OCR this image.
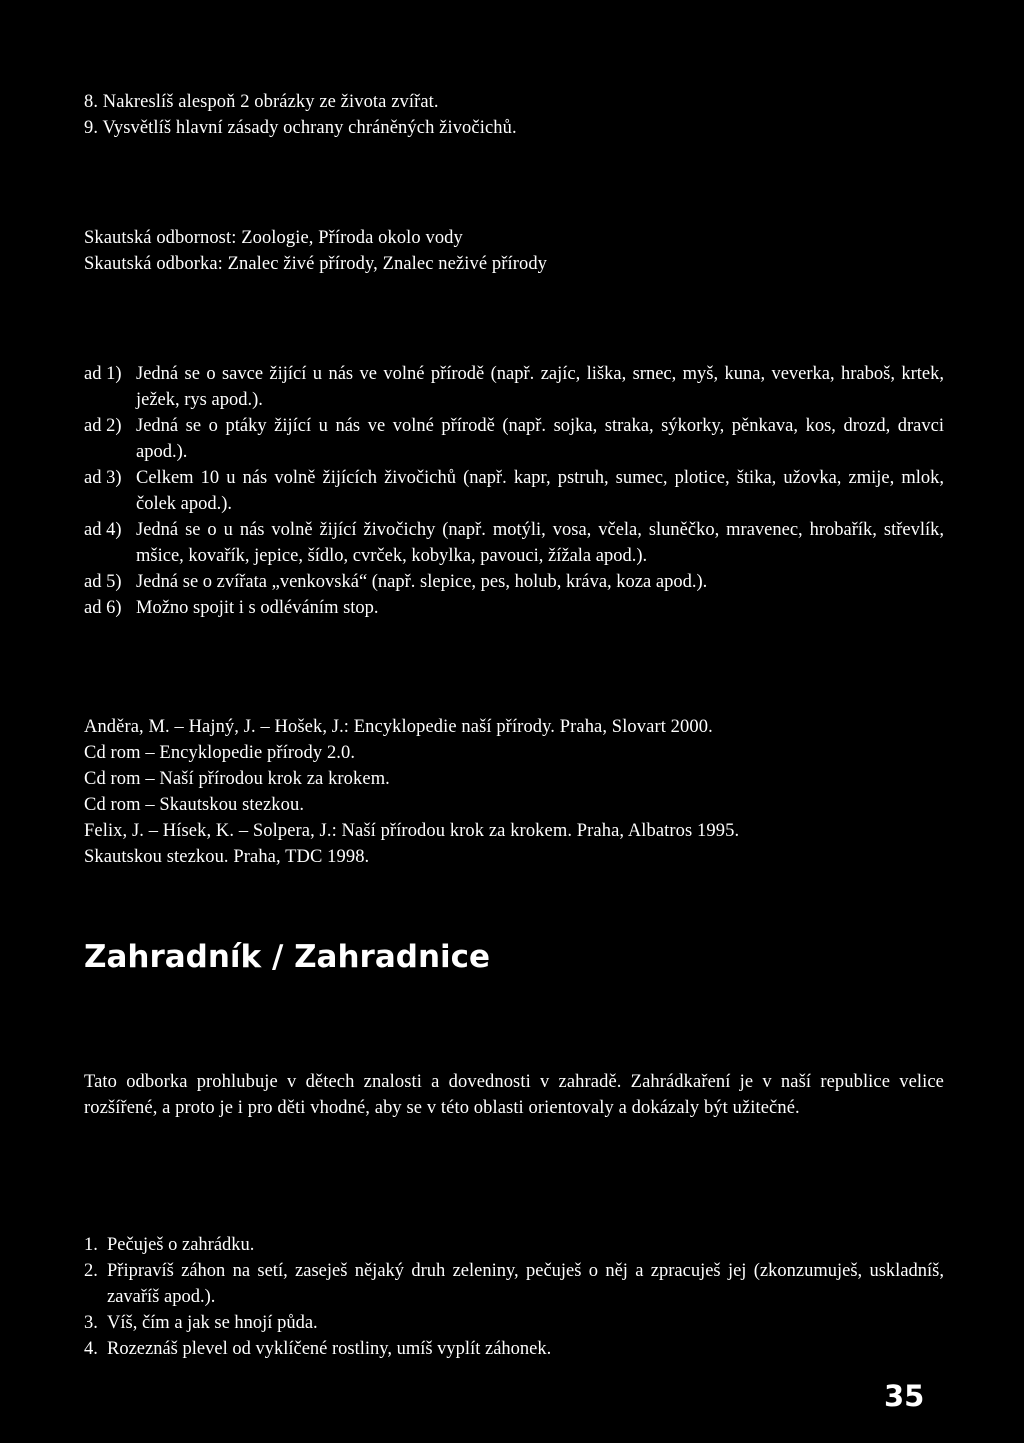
8. Nakreslíš alespoň 2 obrázky ze života zvířat.
9. Vysvětlíš hlavní zásady ochrany chráněných živočichů.
Skautská odbornost: Zoologie, Příroda okolo vody
Skautská odborka: Znalec živé přírody, Znalec neživé přírody
ad 1) Jedná se o savce žijící u nás ve volné přírodě (např. zajíc, liška, srnec, myš, kuna, veverka, hraboš, krtek, ježek, rys apod.).
ad 2) Jedná se o ptáky žijící u nás ve volné přírodě (např. sojka, straka, sýkorky, pěnkava, kos, drozd, dravci apod.).
ad 3) Celkem 10 u nás volně žijících živočichů (např. kapr, pstruh, sumec, plotice, štika, užovka, zmije, mlok, čolek apod.).
ad 4) Jedná se o u nás volně žijící živočichy (např. motýli, vosa, včela, sluněčko, mravenec, hrobařík, střevlík, mšice, kovařík, jepice, šídlo, cvrček, kobylka, pavouci, žížala apod.).
ad 5) Jedná se o zvířata „venkovská“ (např. slepice, pes, holub, kráva, koza apod.).
ad 6) Možno spojit i s odléváním stop.
Anděra, M. – Hajný, J. – Hošek, J.: Encyklopedie naší přírody. Praha, Slovart 2000.
Cd rom – Encyklopedie přírody 2.0.
Cd rom – Naší přírodou krok za krokem.
Cd rom – Skautskou stezkou.
Felix, J. – Hísek, K. – Solpera, J.: Naší přírodou krok za krokem. Praha, Albatros 1995.
Skautskou stezkou. Praha, TDC 1998.
Zahradník / Zahradnice
Tato odborka prohlubuje v dětech znalosti a dovednosti v zahradě. Zahrádkaření je v naší republice velice rozšířené, a proto je i pro děti vhodné, aby se v této oblasti orientovaly a dokázaly být užitečné.
1. Pečuješ o zahrádku.
2. Připravíš záhon na setí, zaseješ nějaký druh zeleniny, pečuješ o něj a zpracuješ jej (zkonzumuješ, uskladníš, zavaříš apod.).
3. Víš, čím a jak se hnojí půda.
4. Rozeznáš plevel od vyklíčené rostliny, umíš vyplít záhonek.
35
